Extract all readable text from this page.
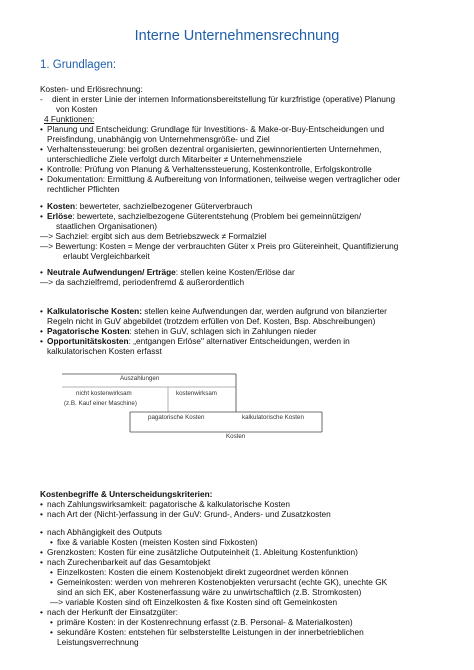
Interne Unternehmensrechnung
1. Grundlagen:
Kosten- und Erlösrechnung:
- dient in erster Linie der internen Informationsbereitstellung für kurzfristige (operative) Planung
von Kosten
4 Funktionen:
• Planung und Entscheidung: Grundlage für Investitions- & Make-or-Buy-Entscheidungen und
Preisfindung, unabhängig von Unternehmensgröße- und Ziel
• Verhaltenssteuerung: bei großen dezentral organisierten, gewinnorientierten Unternehmen,
unterschiedliche Ziele verfolgt durch Mitarbeiter ≠ Unternehmensziele
• Kontrolle: Prüfung von Planung & Verhaltenssteuerung, Kostenkontrolle, Erfolgskontrolle
• Dokumentation: Ermittlung & Aufbereitung von Informationen, teilweise wegen vertraglicher oder
rechtlicher Pflichten
• Kosten: bewerteter, sachzielbezogener Güterverbrauch
• Erlöse: bewertete, sachzielbezogene Güterentstehung (Problem bei gemeinnützigen/
staatlichen Organisationen)
—> Sachziel: ergibt sich aus dem Betriebszweck ≠ Formalziel
—> Bewertung: Kosten = Menge der verbrauchten Güter x Preis pro Gütereinheit, Quantifizierung
erlaubt Vergleichbarkeit
• Neutrale Aufwendungen/ Erträge: stellen keine Kosten/Erlöse dar
—> da sachzielfremd, periodenfremd & außerordentlich
• Kalkulatorische Kosten: stellen keine Aufwendungen dar, werden aufgrund von bilanzierter
Regeln nicht in GuV abgebildet (trotzdem erfüllen von Def. Kosten, Bsp. Abschreibungen)
• Pagatorische Kosten: stehen in GuV, schlagen sich in Zahlungen nieder
• Opportunitätskosten: „entgangen Erlöse" alternativer Entscheidungen, werden in
kalkulatorischen Kosten erfasst
Auszahlungen
nicht kostenwirksam	kostenwirksam
(z.B. Kauf einer Maschine)
pagatorische Kosten	kalkulatorische Kosten
Kosten
Kostenbegriffe & Unterscheidungskriterien:
• nach Zahlungswirksamkeit: pagatorische & kalkulatorische Kosten
• nach Art der (Nicht-)erfassung in der GuV: Grund-, Anders- und Zusatzkosten
• nach Abhängigkeit des Outputs
• fixe & variable Kosten (meisten Kosten sind Fixkosten)
• Grenzkosten: Kosten für eine zusätzliche Outputeinheit (1. Ableitung Kostenfunktion)
• nach Zurechenbarkeit auf das Gesamtobjekt
• Einzelkosten: Kosten die einem Kostenobjekt direkt zugeordnet werden können
• Gemeinkosten: werden von mehreren Kostenobjekten verursacht (echte GK), unechte GK
sind an sich EK, aber Kostenerfassung wäre zu unwirtschaftlich (z.B. Stromkosten)
—> variable Kosten sind oft Einzelkosten & fixe Kosten sind oft Gemeinkosten
• nach der Herkunft der Einsatzgüter:
• primäre Kosten: in der Kostenrechnung erfasst (z.B. Personal- & Materialkosten)
• sekundäre Kosten: entstehen für selbsterstellte Leistungen in der innerbetrieblichen
Leistungsverrechnung
